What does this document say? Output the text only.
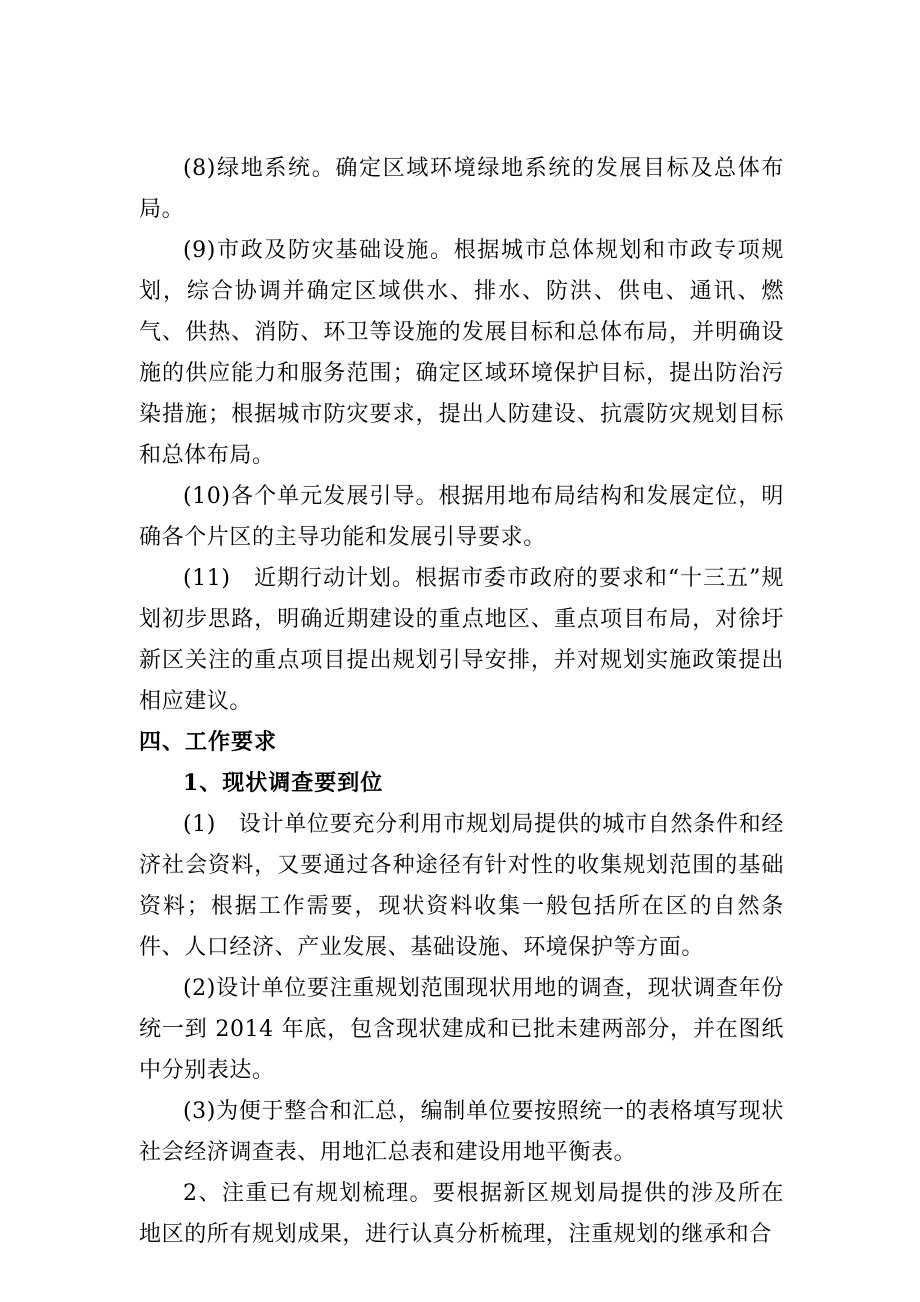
(8)绿地系统。确定区域环境绿地系统的发展目标及总体布局。

(9)市政及防灾基础设施。根据城市总体规划和市政专项规划，综合协调并确定区域供水、排水、防洪、供电、通讯、燃气、供热、消防、环卫等设施的发展目标和总体布局，并明确设施的供应能力和服务范围；确定区域环境保护目标，提出防治污染措施；根据城市防灾要求，提出人防建设、抗震防灾规划目标和总体布局。

(10)各个单元发展引导。根据用地布局结构和发展定位，明确各个片区的主导功能和发展引导要求。

(11)　近期行动计划。根据市委市政府的要求和“十三五”规划初步思路，明确近期建设的重点地区、重点项目布局，对徐圩新区关注的重点项目提出规划引导安排，并对规划实施政策提出相应建议。

四、工作要求

1、现状调查要到位

(1)　设计单位要充分利用市规划局提供的城市自然条件和经济社会资料，又要通过各种途径有针对性的收集规划范围的基础资料；根据工作需要，现状资料收集一般包括所在区的自然条件、人口经济、产业发展、基础设施、环境保护等方面。

(2)设计单位要注重规划范围现状用地的调查，现状调查年份统一到 2014 年底，包含现状建成和已批未建两部分，并在图纸中分别表达。

(3)为便于整合和汇总，编制单位要按照统一的表格填写现状社会经济调查表、用地汇总表和建设用地平衡表。

2、注重已有规划梳理。要根据新区规划局提供的涉及所在地区的所有规划成果，进行认真分析梳理，注重规划的继承和合
